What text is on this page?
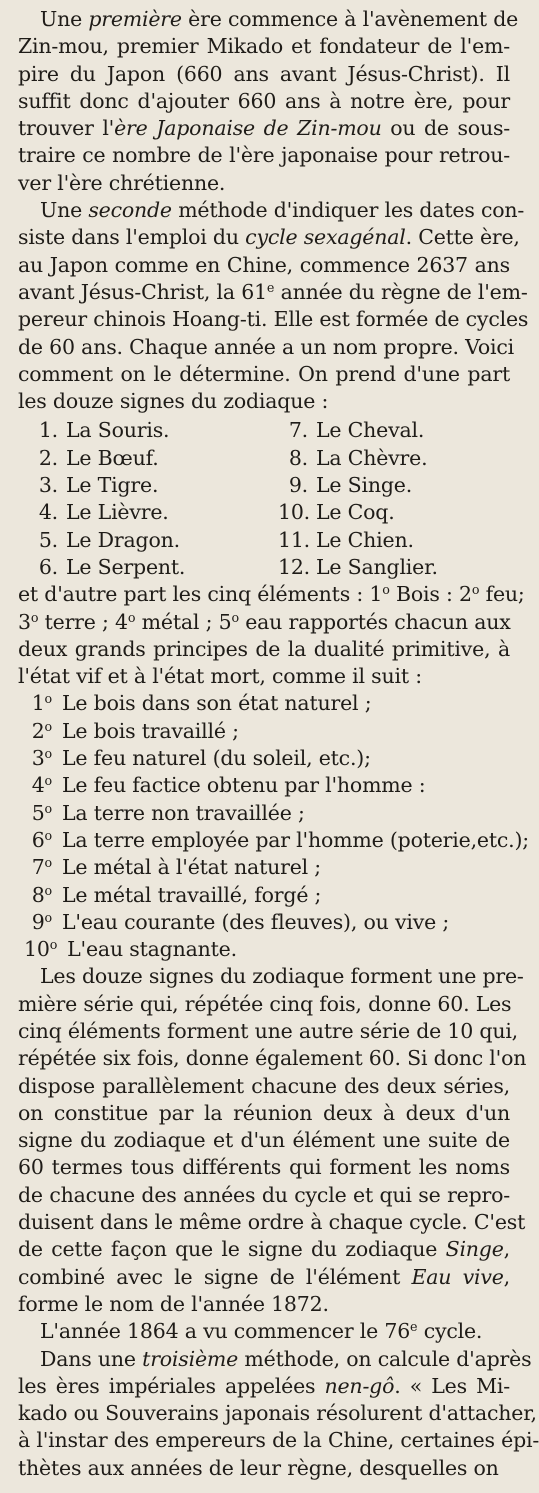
Une première ère commence à l'avènement de
Zin-mou, premier Mikado et fondateur de l'em-
pire du Japon (660 ans avant Jésus-Christ). Il
suffit donc d'ajouter 660 ans à notre ère, pour
trouver l'ère Japonaise de Zin-mou ou de sous-
traire ce nombre de l'ère japonaise pour retrou-
ver l'ère chrétienne.

Une seconde méthode d'indiquer les dates con-
siste dans l'emploi du cycle sexagénal. Cette ère,
au Japon comme en Chine, commence 2637 ans
avant Jésus-Christ, la 61e année du règne de l'em-
pereur chinois Hoang-ti. Elle est formée de cycles
de 60 ans. Chaque année a un nom propre. Voici
comment on le détermine. On prend d'une part
les douze signes du zodiaque :

1. La Souris.
2. Le Bœuf.
3. Le Tigre.
4. Le Lièvre.
5. Le Dragon.
6. Le Serpent.
7. Le Cheval.
8. La Chèvre.
9. Le Singe.
10. Le Coq.
11. Le Chien.
12. Le Sanglier.

et d'autre part les cinq éléments : 1$^o$ Bois : 2$^o$ feu;
3$^o$ terre ; 4$^o$ métal ; 5$^o$ eau rapportés chacun aux
deux grands principes de la dualité primitive, à
l'état vif et à l'état mort, comme il suit :

1$^o$ Le bois dans son état naturel ;
2$^o$ Le bois travaillé ;
3$^o$ Le feu naturel (du soleil, etc.);
4$^o$ Le feu factice obtenu par l'homme :
5$^o$ La terre non travaillée ;
6$^o$ La terre employée par l'homme (poterie,etc.);
7$^o$ Le métal à l'état naturel ;
8$^o$ Le métal travaillé, forgé ;
9$^o$ L'eau courante (des fleuves), ou vive ;
10$^o$ L'eau stagnante.

Les douze signes du zodiaque forment une pre-
mière série qui, répétée cinq fois, donne 60. Les
cinq éléments forment une autre série de 10 qui,
répétée six fois, donne également 60. Si donc l'on
dispose parallèlement chacune des deux séries,
on constitue par la réunion deux à deux d'un
signe du zodiaque et d'un élément une suite de
60 termes tous différents qui forment les noms
de chacune des années du cycle et qui se repro-
duisent dans le même ordre à chaque cycle. C'est
de cette façon que le signe du zodiaque Singe,
combiné avec le signe de l'élément Eau vive,
forme le nom de l'année 1872.

L'année 1864 a vu commencer le 76e cycle.

Dans une troisième méthode, on calcule d'après
les ères impériales appelées nen-gô. « Les Mi-
kado ou Souverains japonais résolurent d'attacher,
à l'instar des empereurs de la Chine, certaines épi-
thètes aux années de leur règne, desquelles on
